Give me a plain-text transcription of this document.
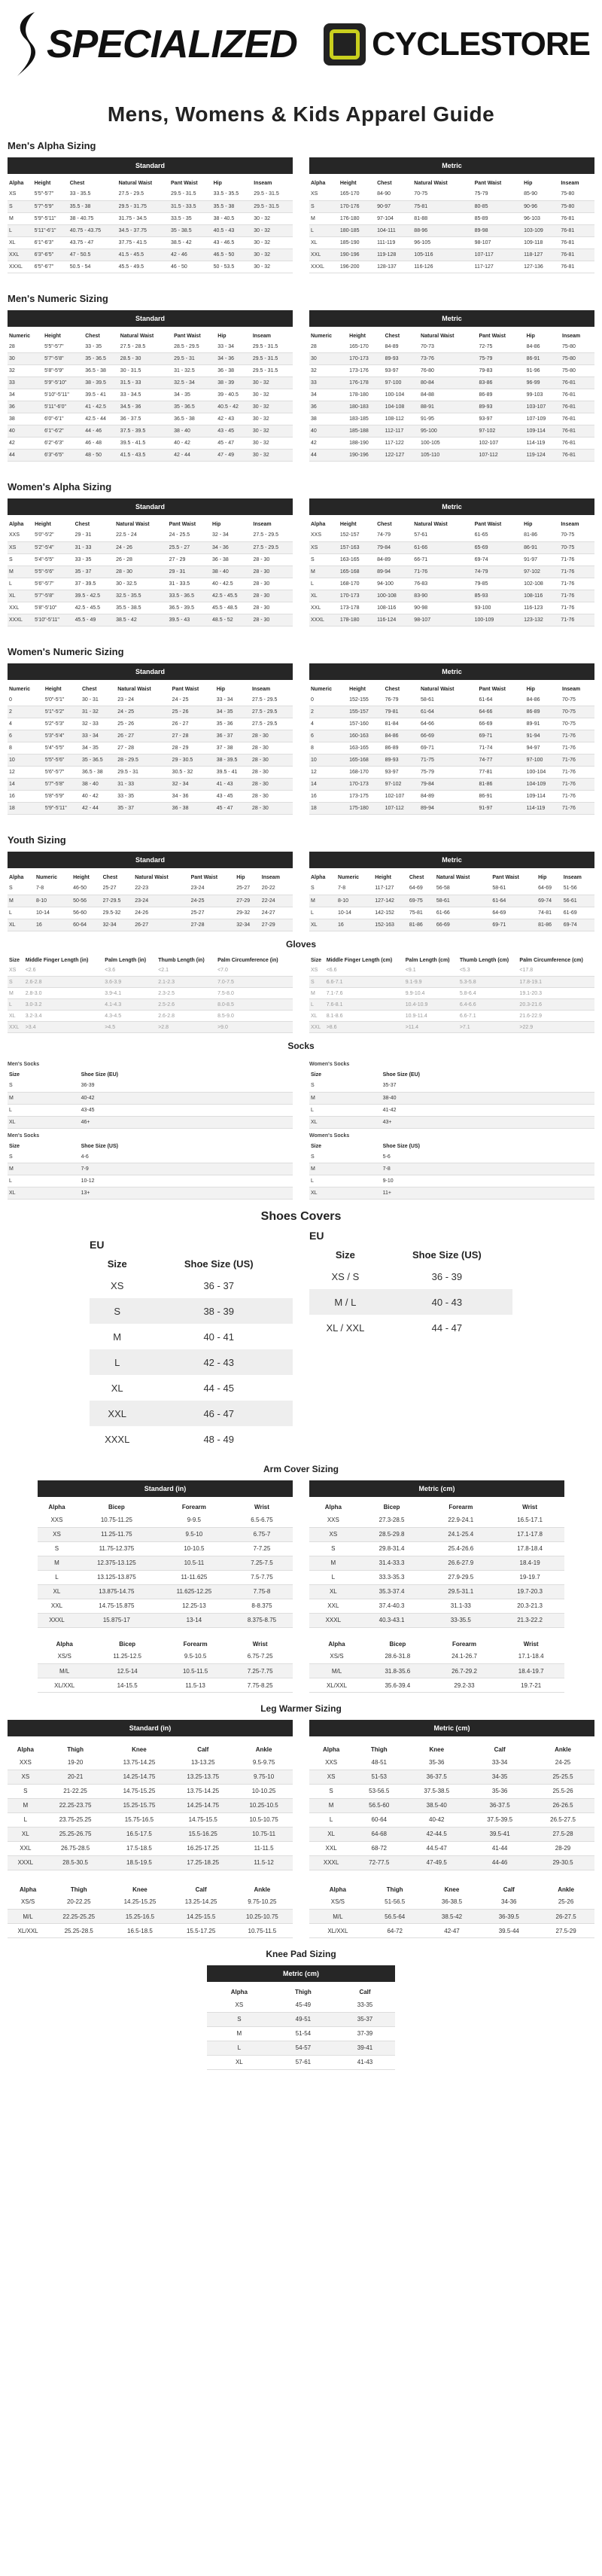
SPECIALIZED CYCLESTORE
Mens, Womens & Kids Apparel Guide
Men's Alpha Sizing
Standard
Alpha	Height	Chest	Natural Waist	Pant Waist	Hip	Inseam
XS	5'5"-5'7"	33 - 35.5	27.5 - 29.5	29.5 - 31.5	33.5 - 35.5	29.5 - 31.5
S	5'7"-5'9"	35.5 - 38	29.5 - 31.75	31.5 - 33.5	35.5 - 38	29.5 - 31.5
M	5'9"-5'11"	38 - 40.75	31.75 - 34.5	33.5 - 35	38 - 40.5	30 - 32
L	5'11"-6'1"	40.75 - 43.75	34.5 - 37.75	35 - 38.5	40.5 - 43	30 - 32
XL	6'1"-6'3"	43.75 - 47	37.75 - 41.5	38.5 - 42	43 - 46.5	30 - 32
XXL	6'3"-6'5"	47 - 50.5	41.5 - 45.5	42 - 46	46.5 - 50	30 - 32
XXXL	6'5"-6'7"	50.5 - 54	45.5 - 49.5	46 - 50	50 - 53.5	30 - 32
Metric
Alpha	Height	Chest	Natural Waist	Pant Waist	Hip	Inseam
XS	165-170	84-90	70-75	75-79	85-90	75-80
S	170-176	90-97	75-81	80-85	90-96	75-80
M	176-180	97-104	81-88	85-89	96-103	76-81
L	180-185	104-111	88-96	89-98	103-109	76-81
XL	185-190	111-119	96-105	98-107	109-118	76-81
XXL	190-196	119-128	105-116	107-117	118-127	76-81
XXXL	196-200	128-137	116-126	117-127	127-136	76-81
Men's Numeric Sizing
Standard
Numeric	Height	Chest	Natural Waist	Pant Waist	Hip	Inseam
28	5'5"-5'7"	33 - 35	27.5 - 28.5	28.5 - 29.5	33 - 34	29.5 - 31.5
30	5'7"-5'8"	35 - 36.5	28.5 - 30	29.5 - 31	34 - 36	29.5 - 31.5
32	5'8"-5'9"	36.5 - 38	30 - 31.5	31 - 32.5	36 - 38	29.5 - 31.5
33	5'9"-5'10"	38 - 39.5	31.5 - 33	32.5 - 34	38 - 39	30 - 32
34	5'10"-5'11"	39.5 - 41	33 - 34.5	34 - 35	39 - 40.5	30 - 32
36	5'11"-6'0"	41 - 42.5	34.5 - 36	35 - 36.5	40.5 - 42	30 - 32
38	6'0"-6'1"	42.5 - 44	36 - 37.5	36.5 - 38	42 - 43	30 - 32
40	6'1"-6'2"	44 - 46	37.5 - 39.5	38 - 40	43 - 45	30 - 32
42	6'2"-6'3"	46 - 48	39.5 - 41.5	40 - 42	45 - 47	30 - 32
44	6'3"-6'5"	48 - 50	41.5 - 43.5	42 - 44	47 - 49	30 - 32
Metric
Numeric	Height	Chest	Natural Waist	Pant Waist	Hip	Inseam
28	165-170	84-89	70-73	72-75	84-86	75-80
30	170-173	89-93	73-76	75-79	86-91	75-80
32	173-176	93-97	76-80	79-83	91-96	75-80
33	176-178	97-100	80-84	83-86	96-99	76-81
34	178-180	100-104	84-88	86-89	99-103	76-81
36	180-183	104-108	88-91	89-93	103-107	76-81
38	183-185	108-112	91-95	93-97	107-109	76-81
40	185-188	112-117	95-100	97-102	109-114	76-81
42	188-190	117-122	100-105	102-107	114-119	76-81
44	190-196	122-127	105-110	107-112	119-124	76-81
Women's Alpha Sizing
Standard
Alpha	Height	Chest	Natural Waist	Pant Waist	Hip	Inseam
XXS	5'0"-5'2"	29 - 31	22.5 - 24	24 - 25.5	32 - 34	27.5 - 29.5
XS	5'2"-5'4"	31 - 33	24 - 26	25.5 - 27	34 - 36	27.5 - 29.5
S	5'4"-5'5"	33 - 35	26 - 28	27 - 29	36 - 38	28 - 30
M	5'5"-5'6"	35 - 37	28 - 30	29 - 31	38 - 40	28 - 30
L	5'6"-5'7"	37 - 39.5	30 - 32.5	31 - 33.5	40 - 42.5	28 - 30
XL	5'7"-5'8"	39.5 - 42.5	32.5 - 35.5	33.5 - 36.5	42.5 - 45.5	28 - 30
XXL	5'8"-5'10"	42.5 - 45.5	35.5 - 38.5	36.5 - 39.5	45.5 - 48.5	28 - 30
XXXL	5'10"-5'11"	45.5 - 49	38.5 - 42	39.5 - 43	48.5 - 52	28 - 30
Metric
Alpha	Height	Chest	Natural Waist	Pant Waist	Hip	Inseam
XXS	152-157	74-79	57-61	61-65	81-86	70-75
XS	157-163	79-84	61-66	65-69	86-91	70-75
S	163-165	84-89	66-71	69-74	91-97	71-76
M	165-168	89-94	71-76	74-79	97-102	71-76
L	168-170	94-100	76-83	79-85	102-108	71-76
XL	170-173	100-108	83-90	85-93	108-116	71-76
XXL	173-178	108-116	90-98	93-100	116-123	71-76
XXXL	178-180	116-124	98-107	100-109	123-132	71-76
Women's Numeric Sizing
Standard
Numeric	Height	Chest	Natural Waist	Pant Waist	Hip	Inseam
0	5'0"-5'1"	30 - 31	23 - 24	24 - 25	33 - 34	27.5 - 29.5
2	5'1"-5'2"	31 - 32	24 - 25	25 - 26	34 - 35	27.5 - 29.5
4	5'2"-5'3"	32 - 33	25 - 26	26 - 27	35 - 36	27.5 - 29.5
6	5'3"-5'4"	33 - 34	26 - 27	27 - 28	36 - 37	28 - 30
8	5'4"-5'5"	34 - 35	27 - 28	28 - 29	37 - 38	28 - 30
10	5'5"-5'6"	35 - 36.5	28 - 29.5	29 - 30.5	38 - 39.5	28 - 30
12	5'6"-5'7"	36.5 - 38	29.5 - 31	30.5 - 32	39.5 - 41	28 - 30
14	5'7"-5'8"	38 - 40	31 - 33	32 - 34	41 - 43	28 - 30
16	5'8"-5'9"	40 - 42	33 - 35	34 - 36	43 - 45	28 - 30
18	5'9"-5'11"	42 - 44	35 - 37	36 - 38	45 - 47	28 - 30
Metric
Numeric	Height	Chest	Natural Waist	Pant Waist	Hip	Inseam
0	152-155	76-79	58-61	61-64	84-86	70-75
2	155-157	79-81	61-64	64-66	86-89	70-75
4	157-160	81-84	64-66	66-69	89-91	70-75
6	160-163	84-86	66-69	69-71	91-94	71-76
8	163-165	86-89	69-71	71-74	94-97	71-76
10	165-168	89-93	71-75	74-77	97-100	71-76
12	168-170	93-97	75-79	77-81	100-104	71-76
14	170-173	97-102	79-84	81-86	104-109	71-76
16	173-175	102-107	84-89	86-91	109-114	71-76
18	175-180	107-112	89-94	91-97	114-119	71-76
Youth Sizing
Standard
Alpha	Numeric	Height	Chest	Natural Waist	Pant Waist	Hip	Inseam
S	7-8	46-50	25-27	22-23	23-24	25-27	20-22
M	8-10	50-56	27-29.5	23-24	24-25	27-29	22-24
L	10-14	56-60	29.5-32	24-26	25-27	29-32	24-27
XL	16	60-64	32-34	26-27	27-28	32-34	27-29
Metric
Alpha	Numeric	Height	Chest	Natural Waist	Pant Waist	Hip	Inseam
S	7-8	117-127	64-69	56-58	58-61	64-69	51-56
M	8-10	127-142	69-75	58-61	61-64	69-74	56-61
L	10-14	142-152	75-81	61-66	64-69	74-81	61-69
XL	16	152-163	81-86	66-69	69-71	81-86	69-74
Gloves
Size	Middle Finger Length (in)	Palm Length (in)	Thumb Length (in)	Palm Circumference (in)
XS	<2.6	<3.6	<2.1	<7.0
S	2.6-2.8	3.6-3.9	2.1-2.3	7.0-7.5
M	2.8-3.0	3.9-4.1	2.3-2.5	7.5-8.0
L	3.0-3.2	4.1-4.3	2.5-2.6	8.0-8.5
XL	3.2-3.4	4.3-4.5	2.6-2.8	8.5-9.0
XXL	>3.4	>4.5	>2.8	>9.0
Size	Middle Finger Length (cm)	Palm Length (cm)	Thumb Length (cm)	Palm Circumference (cm)
XS	<6.6	<9.1	<5.3	<17.8
S	6.6-7.1	9.1-9.9	5.3-5.8	17.8-19.1
M	7.1-7.6	9.9-10.4	5.8-6.4	19.1-20.3
L	7.6-8.1	10.4-10.9	6.4-6.6	20.3-21.6
XL	8.1-8.6	10.9-11.4	6.6-7.1	21.6-22.9
XXL	>8.6	>11.4	>7.1	>22.9
Socks
Men's Socks
Size	Shoe Size (EU)
S	36-39
M	40-42
L	43-45
XL	46+
Women's Socks
Size	Shoe Size (EU)
S	35-37
M	38-40
L	41-42
XL	43+
Men's Socks
Size	Shoe Size (US)
S	4-6
M	7-9
L	10-12
XL	13+
Women's Socks
Size	Shoe Size (US)
S	5-6
M	7-8
L	9-10
XL	11+
Shoes Covers
EU
Size	Shoe Size (US)
XS	36 - 37
S	38 - 39
M	40 - 41
L	42 - 43
XL	44 - 45
XXL	46 - 47
XXXL	48 - 49
EU
Size	Shoe Size (US)
XS / S	36 - 39
M / L	40 - 43
XL / XXL	44 - 47
Arm Cover Sizing
Standard (in)
Alpha	Bicep	Forearm	Wrist
XXS	10.75-11.25	9-9.5	6.5-6.75
XS	11.25-11.75	9.5-10	6.75-7
S	11.75-12.375	10-10.5	7-7.25
M	12.375-13.125	10.5-11	7.25-7.5
L	13.125-13.875	11-11.625	7.5-7.75
XL	13.875-14.75	11.625-12.25	7.75-8
XXL	14.75-15.875	12.25-13	8-8.375
XXXL	15.875-17	13-14	8.375-8.75
Metric (cm)
Alpha	Bicep	Forearm	Wrist
XXS	27.3-28.5	22.9-24.1	16.5-17.1
XS	28.5-29.8	24.1-25.4	17.1-17.8
S	29.8-31.4	25.4-26.6	17.8-18.4
M	31.4-33.3	26.6-27.9	18.4-19
L	33.3-35.3	27.9-29.5	19-19.7
XL	35.3-37.4	29.5-31.1	19.7-20.3
XXL	37.4-40.3	31.1-33	20.3-21.3
XXXL	40.3-43.1	33-35.5	21.3-22.2
Alpha	Bicep	Forearm	Wrist
XS/S	11.25-12.5	9.5-10.5	6.75-7.25
M/L	12.5-14	10.5-11.5	7.25-7.75
XL/XXL	14-15.5	11.5-13	7.75-8.25
Alpha	Bicep	Forearm	Wrist
XS/S	28.6-31.8	24.1-26.7	17.1-18.4
M/L	31.8-35.6	26.7-29.2	18.4-19.7
XL/XXL	35.6-39.4	29.2-33	19.7-21
Leg Warmer Sizing
Standard (in)
Alpha	Thigh	Knee	Calf	Ankle
XXS	19-20	13.75-14.25	13-13.25	9.5-9.75
XS	20-21	14.25-14.75	13.25-13.75	9.75-10
S	21-22.25	14.75-15.25	13.75-14.25	10-10.25
M	22.25-23.75	15.25-15.75	14.25-14.75	10.25-10.5
L	23.75-25.25	15.75-16.5	14.75-15.5	10.5-10.75
XL	25.25-26.75	16.5-17.5	15.5-16.25	10.75-11
XXL	26.75-28.5	17.5-18.5	16.25-17.25	11-11.5
XXXL	28.5-30.5	18.5-19.5	17.25-18.25	11.5-12
Metric (cm)
Alpha	Thigh	Knee	Calf	Ankle
XXS	48-51	35-36	33-34	24-25
XS	51-53	36-37.5	34-35	25-25.5
S	53-56.5	37.5-38.5	35-36	25.5-26
M	56.5-60	38.5-40	36-37.5	26-26.5
L	60-64	40-42	37.5-39.5	26.5-27.5
XL	64-68	42-44.5	39.5-41	27.5-28
XXL	68-72	44.5-47	41-44	28-29
XXXL	72-77.5	47-49.5	44-46	29-30.5
Alpha	Thigh	Knee	Calf	Ankle
XS/S	20-22.25	14.25-15.25	13.25-14.25	9.75-10.25
M/L	22.25-25.25	15.25-16.5	14.25-15.5	10.25-10.75
XL/XXL	25.25-28.5	16.5-18.5	15.5-17.25	10.75-11.5
Alpha	Thigh	Knee	Calf	Ankle
XS/S	51-56.5	36-38.5	34-36	25-26
M/L	56.5-64	38.5-42	36-39.5	26-27.5
XL/XXL	64-72	42-47	39.5-44	27.5-29
Knee Pad Sizing
Metric (cm)
Alpha	Thigh	Calf
XS	45-49	33-35
S	49-51	35-37
M	51-54	37-39
L	54-57	39-41
XL	57-61	41-43
